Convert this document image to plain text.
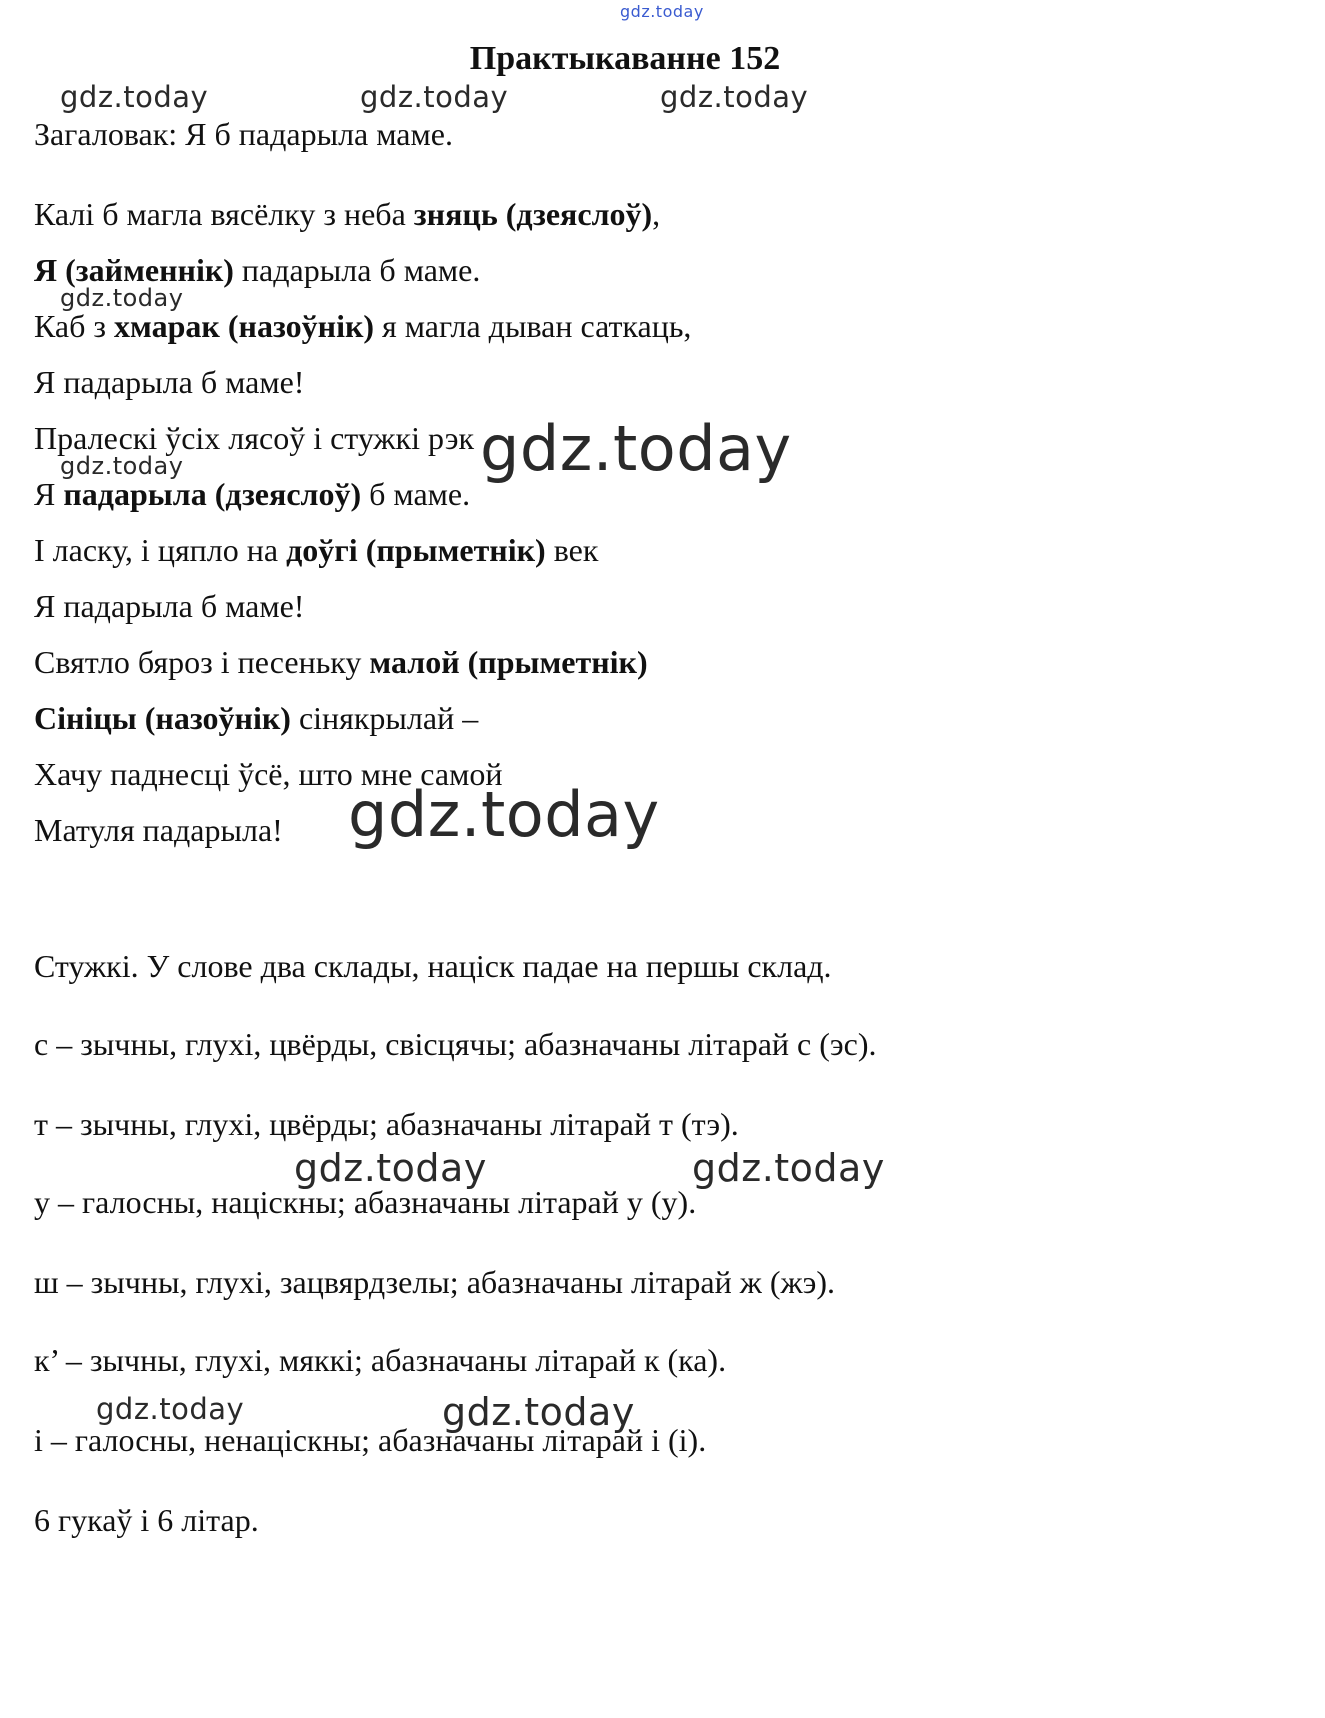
gdz.today
Практыкаванне 152
gdz.today	gdz.today	gdz.today
Загаловак: Я б падарыла маме.
Калі б магла вясёлку з неба зняць (дзеяслоў),
Я (займеннік) падарыла б маме.
gdz.today
Каб з хмарак (назоўнік) я магла дыван саткаць,
Я падарыла б маме!
Пралескі ўсіх лясоў і стужкі рэк gdz.today
gdz.today
Я падарыла (дзеяслоў) б маме.
І ласку, і цяпло на доўгі (прыметнік) век
Я падарыла б маме!
Святло бяроз і песеньку малой (прыметнік)
Сініцы (назоўнік) сінякрылай –
Хачу паднесці ўсё, што мне самой
Матуля падарыла! gdz.today
Стужкі. У слове два склады, націск падае на першы склад.
с – зычны, глухі, цвёрды, свісцячы; абазначаны літарай с (эс).
т – зычны, глухі, цвёрды; абазначаны літарай т (тэ).
gdz.today	gdz.today
у – галосны, націскны; абазначаны літарай у (у).
ш – зычны, глухі, зацвярдзелы; абазначаны літарай ж (жэ).
к’ – зычны, глухі, мяккі; абазначаны літарай к (ка).
gdz.today	gdz.today
і – галосны, ненаціскны; абазначаны літарай і (і).
6 гукаў і 6 літар.
